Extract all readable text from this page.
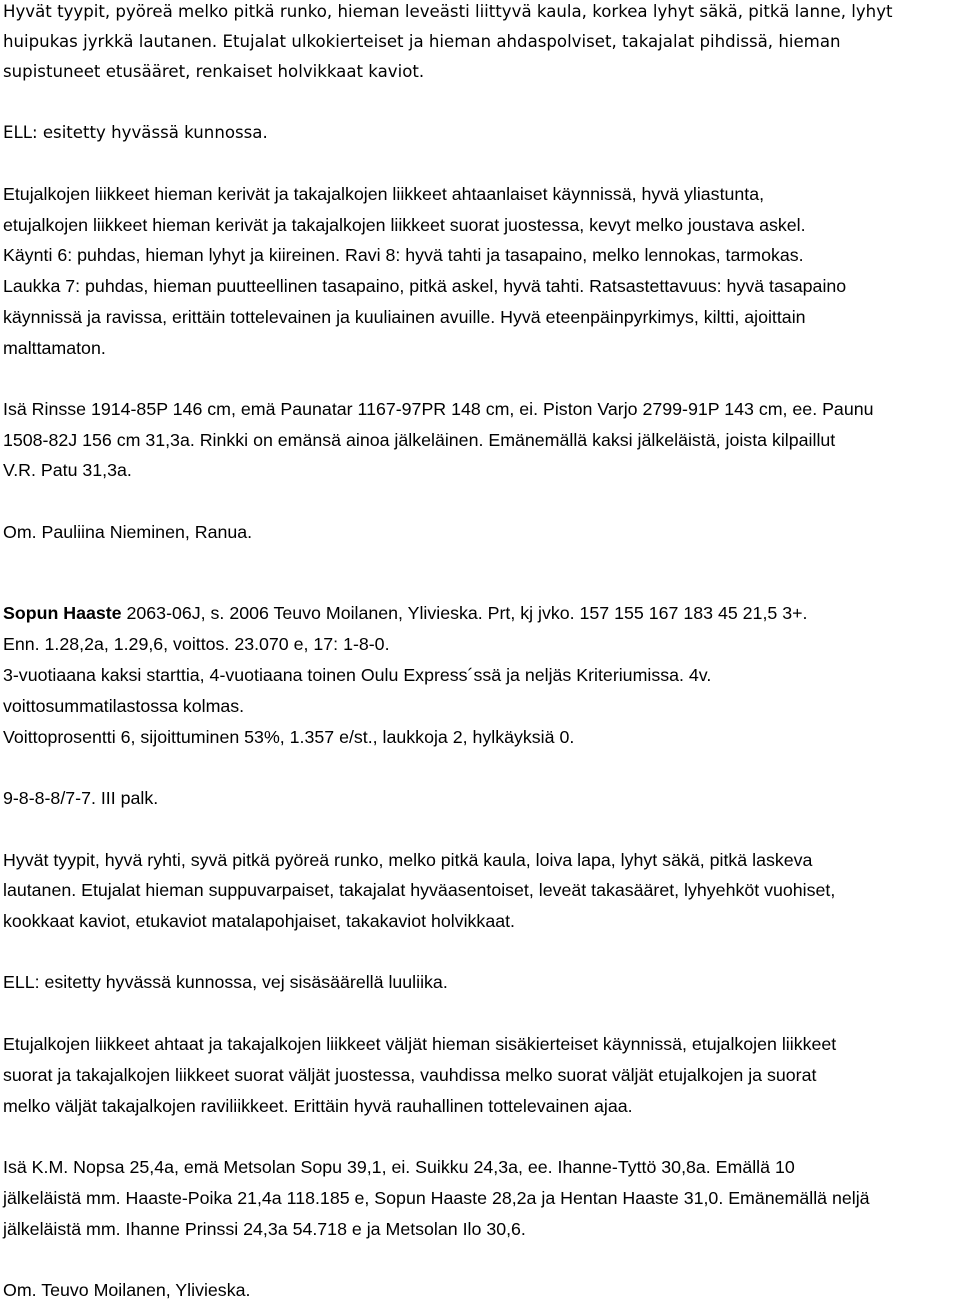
Hyvät tyypit, pyöreä melko pitkä runko, hieman leveästi liittyvä kaula, korkea lyhyt säkä, pitkä lanne, lyhyt
huipukas jyrkkä lautanen. Etujalat ulkokierteiset ja hieman ahdaspolviset, takajalat pihdissä, hieman
supistuneet etusääret, renkaiset holvikkaat kaviot.
ELL: esitetty hyvässä kunnossa.
Etujalkojen liikkeet hieman kerivät ja takajalkojen liikkeet ahtaanlaiset käynnissä, hyvä yliastunta,
etujalkojen liikkeet hieman kerivät ja takajalkojen liikkeet suorat juostessa, kevyt melko joustava askel.
Käynti 6: puhdas, hieman lyhyt ja kiireinen. Ravi 8: hyvä tahti ja tasapaino, melko lennokas, tarmokas.
Laukka 7: puhdas, hieman puutteellinen tasapaino, pitkä askel, hyvä tahti. Ratsastettavuus: hyvä tasapaino
käynnissä ja ravissa, erittäin tottelevainen ja kuuliainen avuille. Hyvä eteenpäinpyrkimys, kiltti, ajoittain
malttamaton.
Isä Rinsse 1914-85P 146 cm, emä Paunatar 1167-97PR 148 cm, ei. Piston Varjo 2799-91P 143 cm, ee. Paunu
1508-82J 156 cm 31,3a. Rinkki on emänsä ainoa jälkeläinen. Emänemällä kaksi jälkeläistä, joista kilpaillut
V.R. Patu 31,3a.
Om. Pauliina Nieminen, Ranua.
Sopun Haaste 2063-06J, s. 2006 Teuvo Moilanen, Ylivieska. Prt, kj jvko. 157 155 167 183 45 21,5 3+.
Enn. 1.28,2a, 1.29,6, voittos. 23.070 e, 17: 1-8-0.
3-vuotiaana kaksi starttia, 4-vuotiaana toinen Oulu Express´ssä ja neljäs Kriteriumissa. 4v.
voittosummatilastossa kolmas.
Voittoprosentti 6, sijoittuminen 53%, 1.357 e/st., laukkoja 2, hylkäyksiä 0.
9-8-8-8/7-7. III palk.
Hyvät tyypit, hyvä ryhti, syvä pitkä pyöreä runko, melko pitkä kaula, loiva lapa, lyhyt säkä, pitkä laskeva
lautanen. Etujalat hieman suppuvarpaiset, takajalat hyväasentoiset, leveät takasääret, lyhyehköt vuohiset,
kookkaat kaviot, etukaviot matalapohjaiset, takakaviot holvikkaat.
ELL: esitetty hyvässä kunnossa, vej sisäsäärellä luuliika.
Etujalkojen liikkeet ahtaat ja takajalkojen liikkeet väljät hieman sisäkierteiset käynnissä, etujalkojen liikkeet
suorat ja takajalkojen liikkeet suorat väljät juostessa, vauhdissa melko suorat väljät etujalkojen ja suorat
melko väljät takajalkojen raviliikkeet. Erittäin hyvä rauhallinen tottelevainen ajaa.
Isä K.M. Nopsa 25,4a, emä Metsolan Sopu 39,1, ei. Suikku 24,3a, ee. Ihanne-Tyttö 30,8a. Emällä 10
jälkeläistä mm. Haaste-Poika 21,4a 118.185 e, Sopun Haaste 28,2a ja Hentan Haaste 31,0. Emänemällä neljä
jälkeläistä mm. Ihanne Prinssi 24,3a 54.718 e ja Metsolan Ilo 30,6.
Om. Teuvo Moilanen, Ylivieska.
